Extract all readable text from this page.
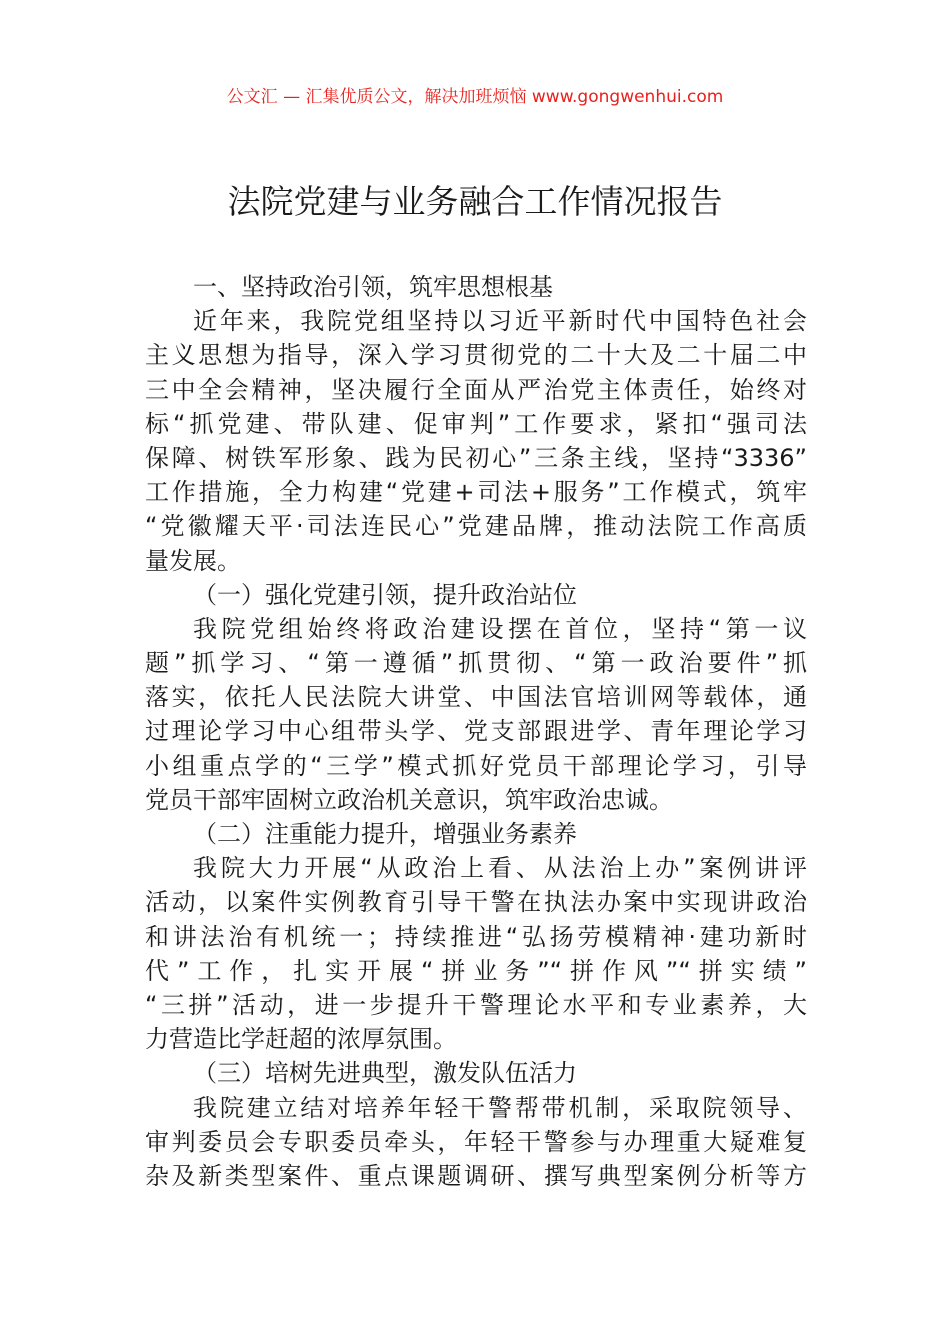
公文汇 — 汇集优质公文，解决加班烦恼 www.gongwenhui.com
法院党建与业务融合工作情况报告
一、坚持政治引领，筑牢思想根基
近年来，我院党组坚持以习近平新时代中国特色社会
主义思想为指导，深入学习贯彻党的二十大及二十届二中
三中全会精神，坚决履行全面从严治党主体责任，始终对
标“抓党建、带队建、促审判”工作要求，紧扣“强司法
保障、树铁军形象、践为民初心”三条主线，坚持“3336”
工作措施，全力构建“党建+司法+服务”工作模式，筑牢
“党徽耀天平·司法连民心”党建品牌，推动法院工作高质
量发展。
（一）强化党建引领，提升政治站位
我院党组始终将政治建设摆在首位，坚持“第一议
题”抓学习、“第一遵循”抓贯彻、“第一政治要件”抓
落实，依托人民法院大讲堂、中国法官培训网等载体，通
过理论学习中心组带头学、党支部跟进学、青年理论学习
小组重点学的“三学”模式抓好党员干部理论学习，引导
党员干部牢固树立政治机关意识，筑牢政治忠诚。
（二）注重能力提升，增强业务素养
我院大力开展“从政治上看、从法治上办”案例讲评
活动，以案件实例教育引导干警在执法办案中实现讲政治
和讲法治有机统一；持续推进“弘扬劳模精神·建功新时
代”工作，扎实开展“拼业务”“拼作风”“拼实绩”
“三拼”活动，进一步提升干警理论水平和专业素养，大
力营造比学赶超的浓厚氛围。
（三）培树先进典型，激发队伍活力
我院建立结对培养年轻干警帮带机制，采取院领导、
审判委员会专职委员牵头，年轻干警参与办理重大疑难复
杂及新类型案件、重点课题调研、撰写典型案例分析等方
